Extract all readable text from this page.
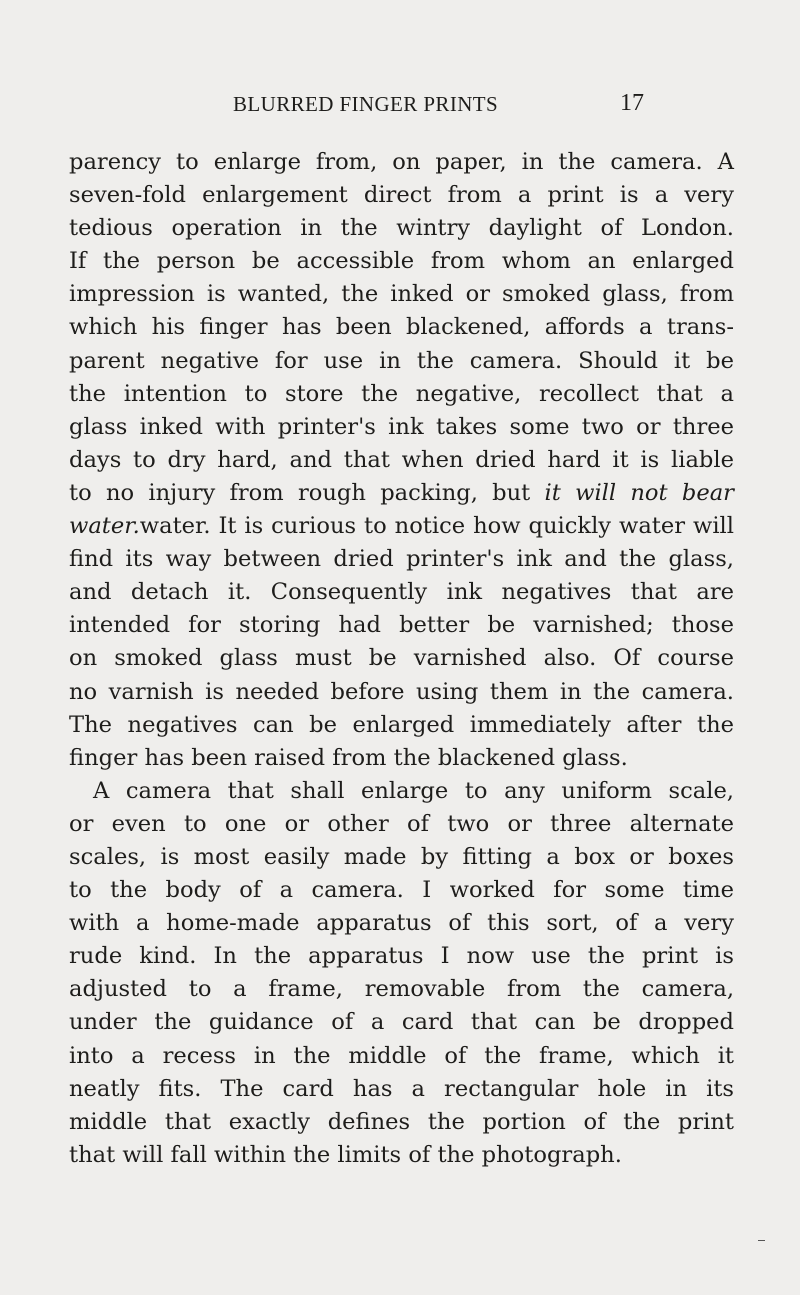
BLURRED FINGER PRINTS	17
parency to enlarge from, on paper, in the camera. A
seven-fold enlargement direct from a print is a very
tedious operation in the wintry daylight of London.
If the person be accessible from whom an enlarged
impression is wanted, the inked or smoked glass, from
which his finger has been blackened, affords a trans-
parent negative for use in the camera. Should it be
the intention to store the negative, recollect that a
glass inked with printer's ink takes some two or three
days to dry hard, and that when dried hard it is liable
to no injury from rough packing, but it will not bear
water.water. It is curious to notice how quickly water will
find its way between dried printer's ink and the glass,
and detach it. Consequently ink negatives that are
intended for storing had better be varnished; those
on smoked glass must be varnished also. Of course
no varnish is needed before using them in the camera.
The negatives can be enlarged immediately after the
finger has been raised from the blackened glass.
A camera that shall enlarge to any uniform scale,
or even to one or other of two or three alternate
scales, is most easily made by fitting a box or boxes
to the body of a camera. I worked for some time
with a home-made apparatus of this sort, of a very
rude kind. In the apparatus I now use the print is
adjusted to a frame, removable from the camera,
under the guidance of a card that can be dropped
into a recess in the middle of the frame, which it
neatly fits. The card has a rectangular hole in its
middle that exactly defines the portion of the print
that will fall within the limits of the photograph.
